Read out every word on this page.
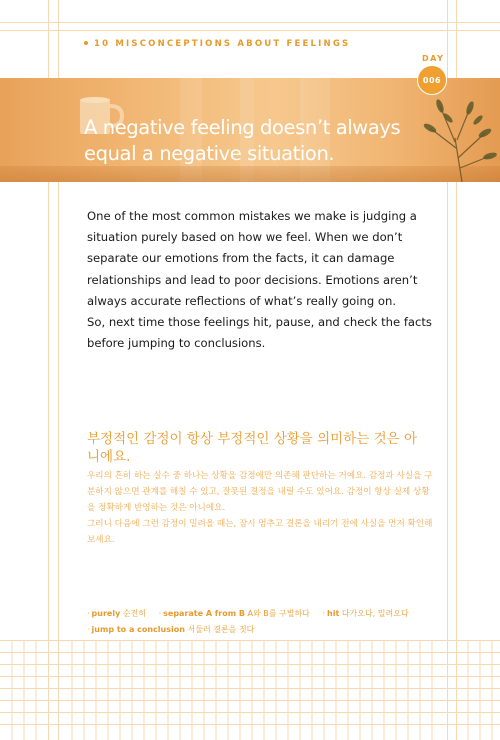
10 MISCONCEPTIONS ABOUT FEELINGS
DAY
A negative feeling doesn’t always equal a negative situation.
006

One of the most common mistakes we make is judging a situation purely based on how we feel. When we don’t separate our emotions from the facts, it can damage relationships and lead to poor decisions. Emotions aren’t always accurate reflections of what’s really going on.

So, next time those feelings hit, pause, and check the facts before jumping to conclusions.

부정적인 감정이 항상 부정적인 상황을 의미하는 것은 아니에요.

우리의 흔히 하는 실수 중 하나는 상황을 감정에만 의존해 판단하는 거예요. 감정과 사실을 구분하지 않으면 관계를 해칠 수 있고, 잘못된 결정을 내릴 수도 있어요. 감정이 항상 실제 상황을 정확하게 반영하는 것은 아니에요.

그러니 다음에 그런 감정이 밀려올 때는, 잠시 멈추고 결론을 내리기 전에 사실을 먼저 확인해 보세요.

· purely 순전히 · separate A from B A와 B를 구별하다 · hit 다가오다, 밀려오다
· jump to a conclusion 서둘러 결론을 짓다
